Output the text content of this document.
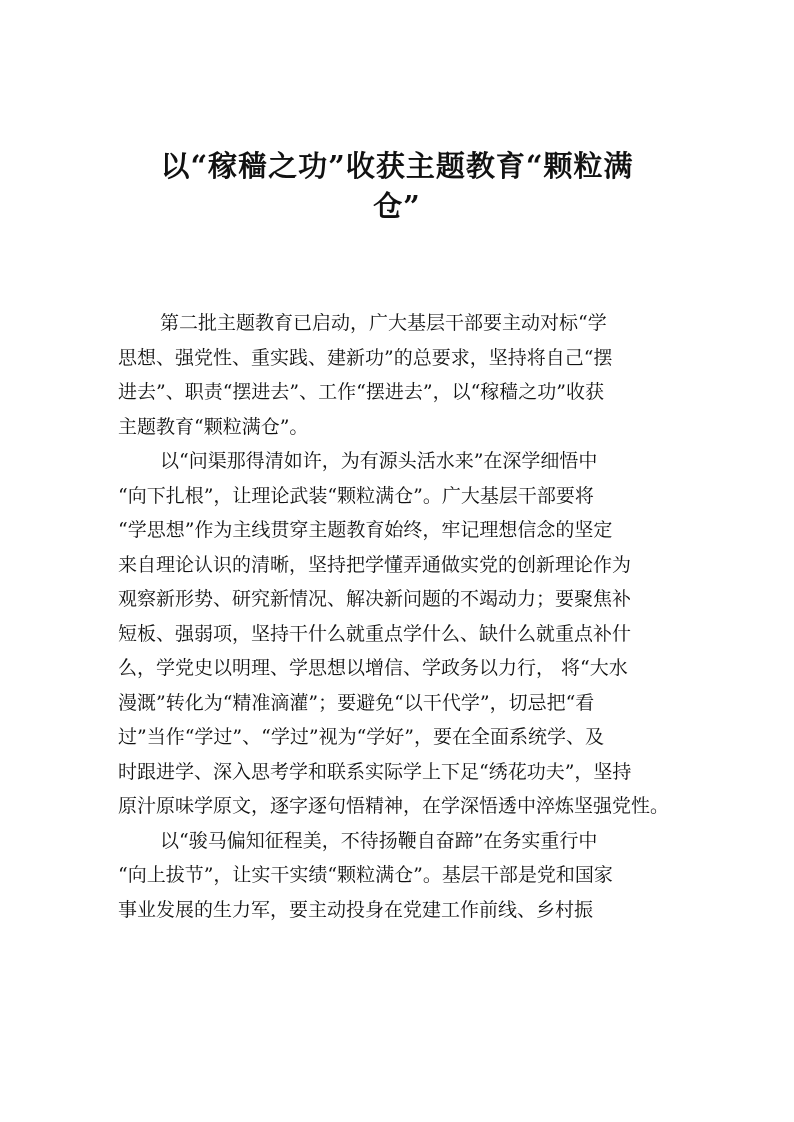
以“稼穑之功”收获主题教育“颗粒满
仓”
第二批主题教育已启动，广大基层干部要主动对标“学
思想、强党性、重实践、建新功”的总要求，坚持将自己“摆
进去”、职责“摆进去”、工作“摆进去”，以“稼穑之功”收获
主题教育“颗粒满仓”。
以“问渠那得清如许，为有源头活水来”在深学细悟中
“向下扎根”，让理论武装“颗粒满仓”。广大基层干部要将
“学思想”作为主线贯穿主题教育始终，牢记理想信念的坚定
来自理论认识的清晰，坚持把学懂弄通做实党的创新理论作为
观察新形势、研究新情况、解决新问题的不竭动力；要聚焦补
短板、强弱项，坚持干什么就重点学什么、缺什么就重点补什
么，学党史以明理、学思想以增信、学政务以力行， 将“大水
漫溉”转化为“精准滴灌”；要避免“以干代学”，切忌把“看
过”当作“学过”、“学过”视为“学好”，要在全面系统学、及
时跟进学、深入思考学和联系实际学上下足“绣花功夫”，坚持
原汁原味学原文，逐字逐句悟精神，在学深悟透中淬炼坚强党性。
以“骏马偏知征程美，不待扬鞭自奋蹄”在务实重行中
“向上拔节”，让实干实绩“颗粒满仓”。基层干部是党和国家
事业发展的生力军，要主动投身在党建工作前线、乡村振
